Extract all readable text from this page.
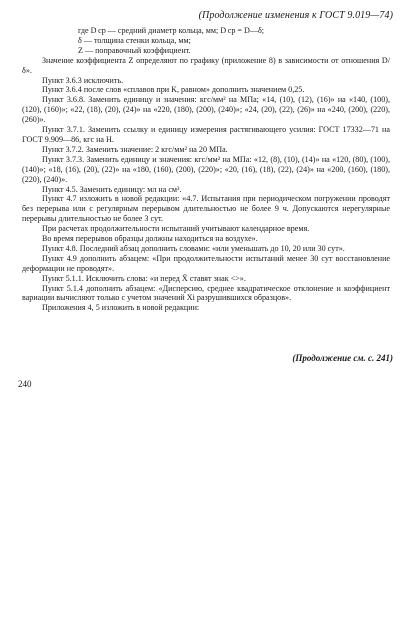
(Продолжение изменения к ГОСТ 9.019—74)

где D ср — средний диаметр кольца, мм; D ср = D—δ;

δ — толщина стенки кольца, мм;

Z — поправочный коэффициент.

Значение коэффициента Z определяют по графику (приложение 8) в зависимости от отношения D/δ».

Пункт 3.6.3 исключить.

Пункт 3.6.4 после слов «сплавов при K, равном» дополнить значением 0,25.

Пункт 3.6.8. Заменить единицу и значения: кгс/мм² на МПа; «14, (10), (12), (16)» на «140, (100), (120), (160)»; «22, (18), (20), (24)» на «220, (180), (200), (240)»; «24, (20), (22), (26)» на «240, (200), (220), (260)».

Пункт 3.7.1. Заменить ссылку и единицу измерения растягивающего усилия: ГОСТ 17332—71 на ГОСТ 9.909—86, кгс на Н.

Пункт 3.7.2. Заменить значение: 2 кгс/мм² на 20 МПа.

Пункт 3.7.3. Заменить единицу и значения: кгс/мм² на МПа: «12, (8), (10), (14)» на «120, (80), (100), (140)»; «18, (16), (20), (22)» на «180, (160), (200), (220)»; «20, (16), (18), (22), (24)» на «200, (160), (180), (220), (240)».

Пункт 4.5. Заменить единицу: мл на см³.

Пункт 4.7 изложить в новой редакции: «4.7. Испытания при периодическом погружении проводят без перерыва или с регулярным перерывом длительностью не более 9 ч. Допускаются нерегулярные перерывы длительностью не более 3 сут.

При расчетах продолжительности испытаний учитывают календарное время.

Во время перерывов образцы должны находиться на воздухе».

Пункт 4.8. Последний абзац дополнить словами: «или уменьшать до 10, 20 или 30 сут».

Пункт 4.9 дополнить абзацем: «При продолжительности испытаний менее 30 сут восстановление деформации не проводят».

Пункт 5.1.1. Исключить слова: «и перед X̄ ставят знак <>».

Пункт 5.1.4 дополнить абзацем: «Дисперсию, среднее квадратическое отклонение и коэффициент вариации вычисляют только с учетом значений Xi разрушившихся образцов».

Приложения 4, 5 изложить в новой редакции:

(Продолжение см. с. 241)
240
